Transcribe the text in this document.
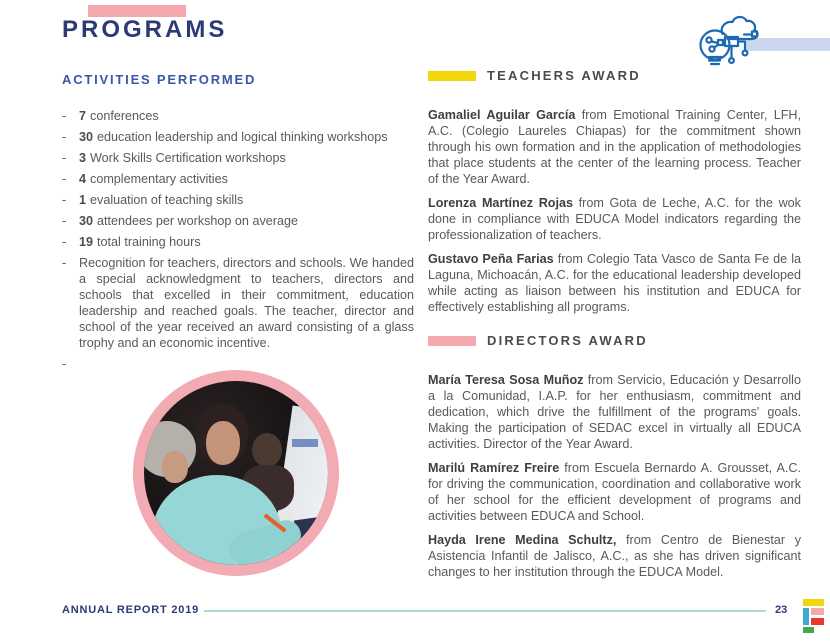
PROGRAMS
ACTIVITIES PERFORMED
-	7 conferences
-	30 education leadership and logical thinking workshops
-	3 Work Skills Certification workshops
-	4 complementary activities
-	1 evaluation of teaching skills
-	30 attendees per workshop on average
-	19 total training hours
-	Recognition for teachers, directors and schools. We handed a special acknowledgment to teachers, directors and schools that excelled in their commitment, education leadership and reached goals. The teacher, director and school of the year received an award consisting of a glass trophy and an economic incentive.
-
TEACHERS AWARD

Gamaliel Aguilar García from Emotional Training Center, LFH, A.C. (Colegio Laureles Chiapas) for the commitment shown through his own formation and in the application of methodologies that place students at the center of the learning process. Teacher of the Year Award.

Lorenza Martínez Rojas from Gota de Leche, A.C. for the wok done in compliance with EDUCA Model indicators regarding the professionalization of teachers.

Gustavo Peña Farias from Colegio Tata Vasco de Santa Fe de la Laguna, Michoacán, A.C. for the educational leadership developed while acting as liaison between his institution and EDUCA for effectively establishing all programs.

DIRECTORS AWARD

María Teresa Sosa Muñoz from Servicio, Educación y Desarrollo a la Comunidad, I.A.P. for her enthusiasm, commitment and dedication, which drive the fulfillment of the programs' goals. Making the participation of SEDAC excel in virtually all EDUCA activities. Director of the Year Award.

Marilú Ramírez Freire from Escuela Bernardo A. Grousset, A.C. for driving the communication, coordination and collaborative work of her school for the efficient development of programs and activities between EDUCA and School.

Hayda Irene Medina Schultz, from Centro de Bienestar y Asistencia Infantil de Jalisco, A.C., as she has driven significant changes to her institution through the EDUCA Model.

ANNUAL REPORT 2019	23
